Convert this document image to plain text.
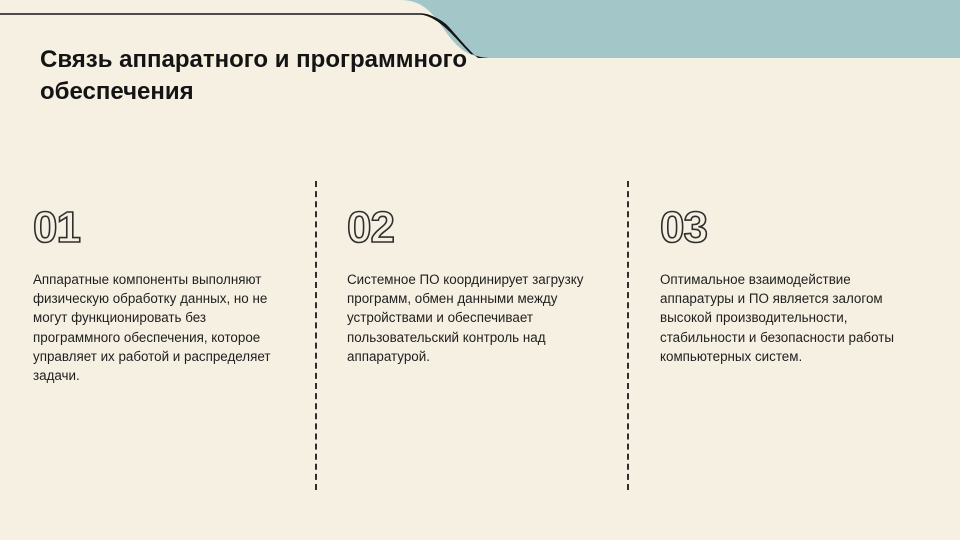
Связь аппаратного и программного обеспечения
01

Аппаратные компоненты выполняют физическую обработку данных, но не могут функционировать без программного обеспечения, которое управляет их работой и распределяет задачи.

02

Системное ПО координирует загрузку программ, обмен данными между устройствами и обеспечивает пользовательский контроль над аппаратурой.

03

Оптимальное взаимодействие аппаратуры и ПО является залогом высокой производительности, стабильности и безопасности работы компьютерных систем.
